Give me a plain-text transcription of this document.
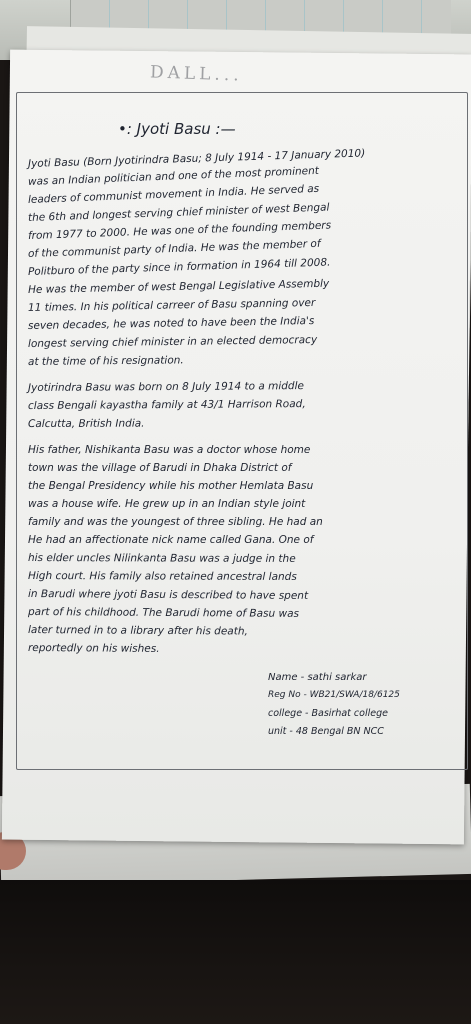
DALL...
•: Jyoti Basu :—
Jyoti Basu (Born Jyotirindra Basu; 8 July 1914 - 17 January 2010)
was an Indian politician and one of the most prominent
leaders of communist movement in India. He served as
the 6th and longest serving chief minister of west Bengal
from 1977 to 2000. He was one of the founding members
of the communist party of India. He was the member of
Politburo of the party since in formation in 1964 till 2008.
He was the member of west Bengal Legislative Assembly
11 times. In his political carreer of Basu spanning over
seven decades, he was noted to have been the India's
longest serving chief minister in an elected democracy
at the time of his resignation.
Jyotirindra Basu was born on 8 July 1914 to a middle
class Bengali kayastha family at 43/1 Harrison Road,
Calcutta, British India.
His father, Nishikanta Basu was a doctor whose home
town was the village of Barudi in Dhaka District of
the Bengal Presidency while his mother Hemlata Basu
was a house wife. He grew up in an Indian style joint
family and was the youngest of three sibling. He had an
He had an affectionate nick name called Gana. One of
his elder uncles Nilinkanta Basu was a judge in the
High court. His family also retained ancestral lands
in Barudi where jyoti Basu is described to have spent
part of his childhood. The Barudi home of Basu was
later turned in to a library after his death,
reportedly on his wishes.
Name - sathi sarkar
Reg No - WB21/SWA/18/6125
college - Basirhat college
unit - 48 Bengal BN NCC
